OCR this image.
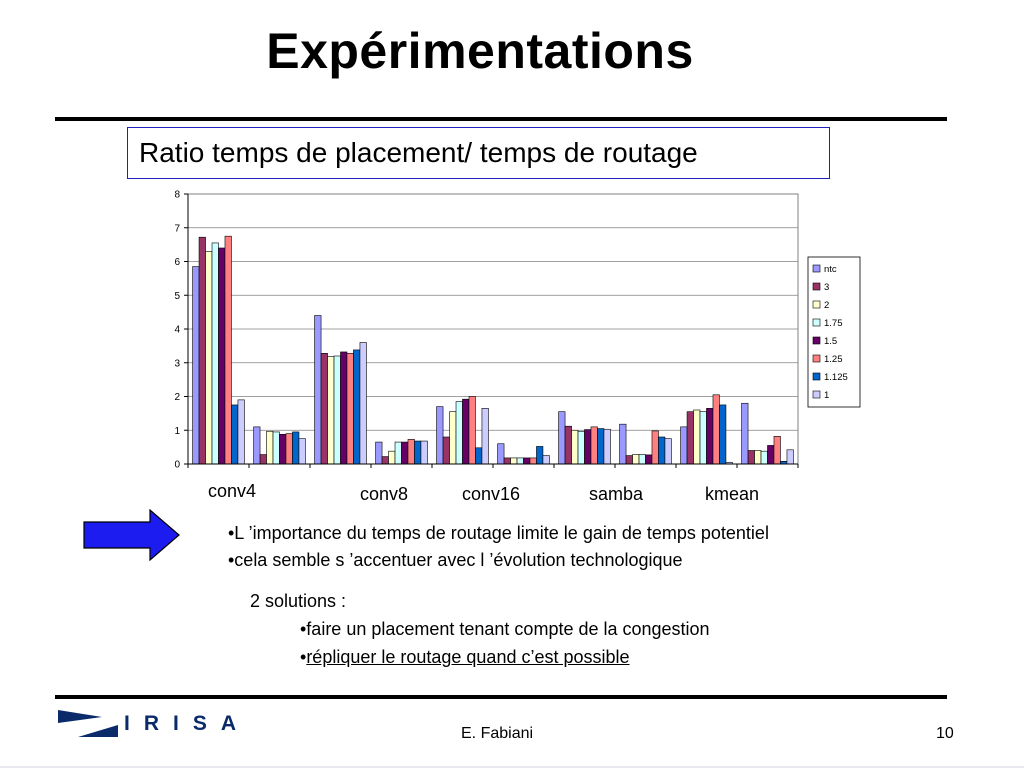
Expérimentations
Ratio temps de placement/ temps de routage
0
1
2
3
4
5
6
7
8
conv4	conv8	conv16	samba	kmean
ntc
3
2
1.75
1.5
1.25
1.125
1
•L ’importance du temps de routage limite le gain de temps potentiel
•cela semble s ’accentuer avec l ’évolution technologique
2 solutions :
•faire un placement tenant compte de la congestion
•répliquer le routage quand c’est possible
IRISA	E. Fabiani	10
